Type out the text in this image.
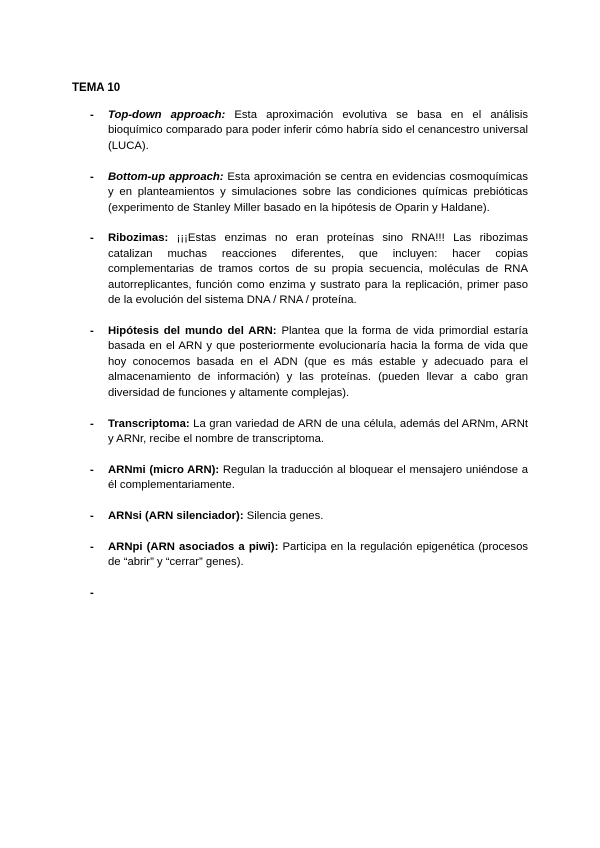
TEMA 10
- Top-down approach: Esta aproximación evolutiva se basa en el análisis bioquímico comparado para poder inferir cómo habría sido el cenancestro universal (LUCA).
- Bottom-up approach: Esta aproximación se centra en evidencias cosmoquímicas y en planteamientos y simulaciones sobre las condiciones químicas prebióticas (experimento de Stanley Miller basado en la hipótesis de Oparin y Haldane).
- Ribozimas: ¡¡¡Estas enzimas no eran proteínas sino RNA!!! Las ribozimas catalizan muchas reacciones diferentes, que incluyen: hacer copias complementarias de tramos cortos de su propia secuencia, moléculas de RNA autorreplicantes, función como enzima y sustrato para la replicación, primer paso de la evolución del sistema DNA / RNA / proteína.
- Hipótesis del mundo del ARN: Plantea que la forma de vida primordial estaría basada en el ARN y que posteriormente evolucionaría hacia la forma de vida que hoy conocemos basada en el ADN (que es más estable y adecuado para el almacenamiento de información) y las proteínas. (pueden llevar a cabo gran diversidad de funciones y altamente complejas).
- Transcriptoma: La gran variedad de ARN de una célula, además del ARNm, ARNt y ARNr, recibe el nombre de transcriptoma.
- ARNmi (micro ARN): Regulan la traducción al bloquear el mensajero uniéndose a él complementariamente.
- ARNsi (ARN silenciador): Silencia genes.
- ARNpi (ARN asociados a piwi): Participa en la regulación epigenética (procesos de “abrir” y “cerrar” genes).
-
